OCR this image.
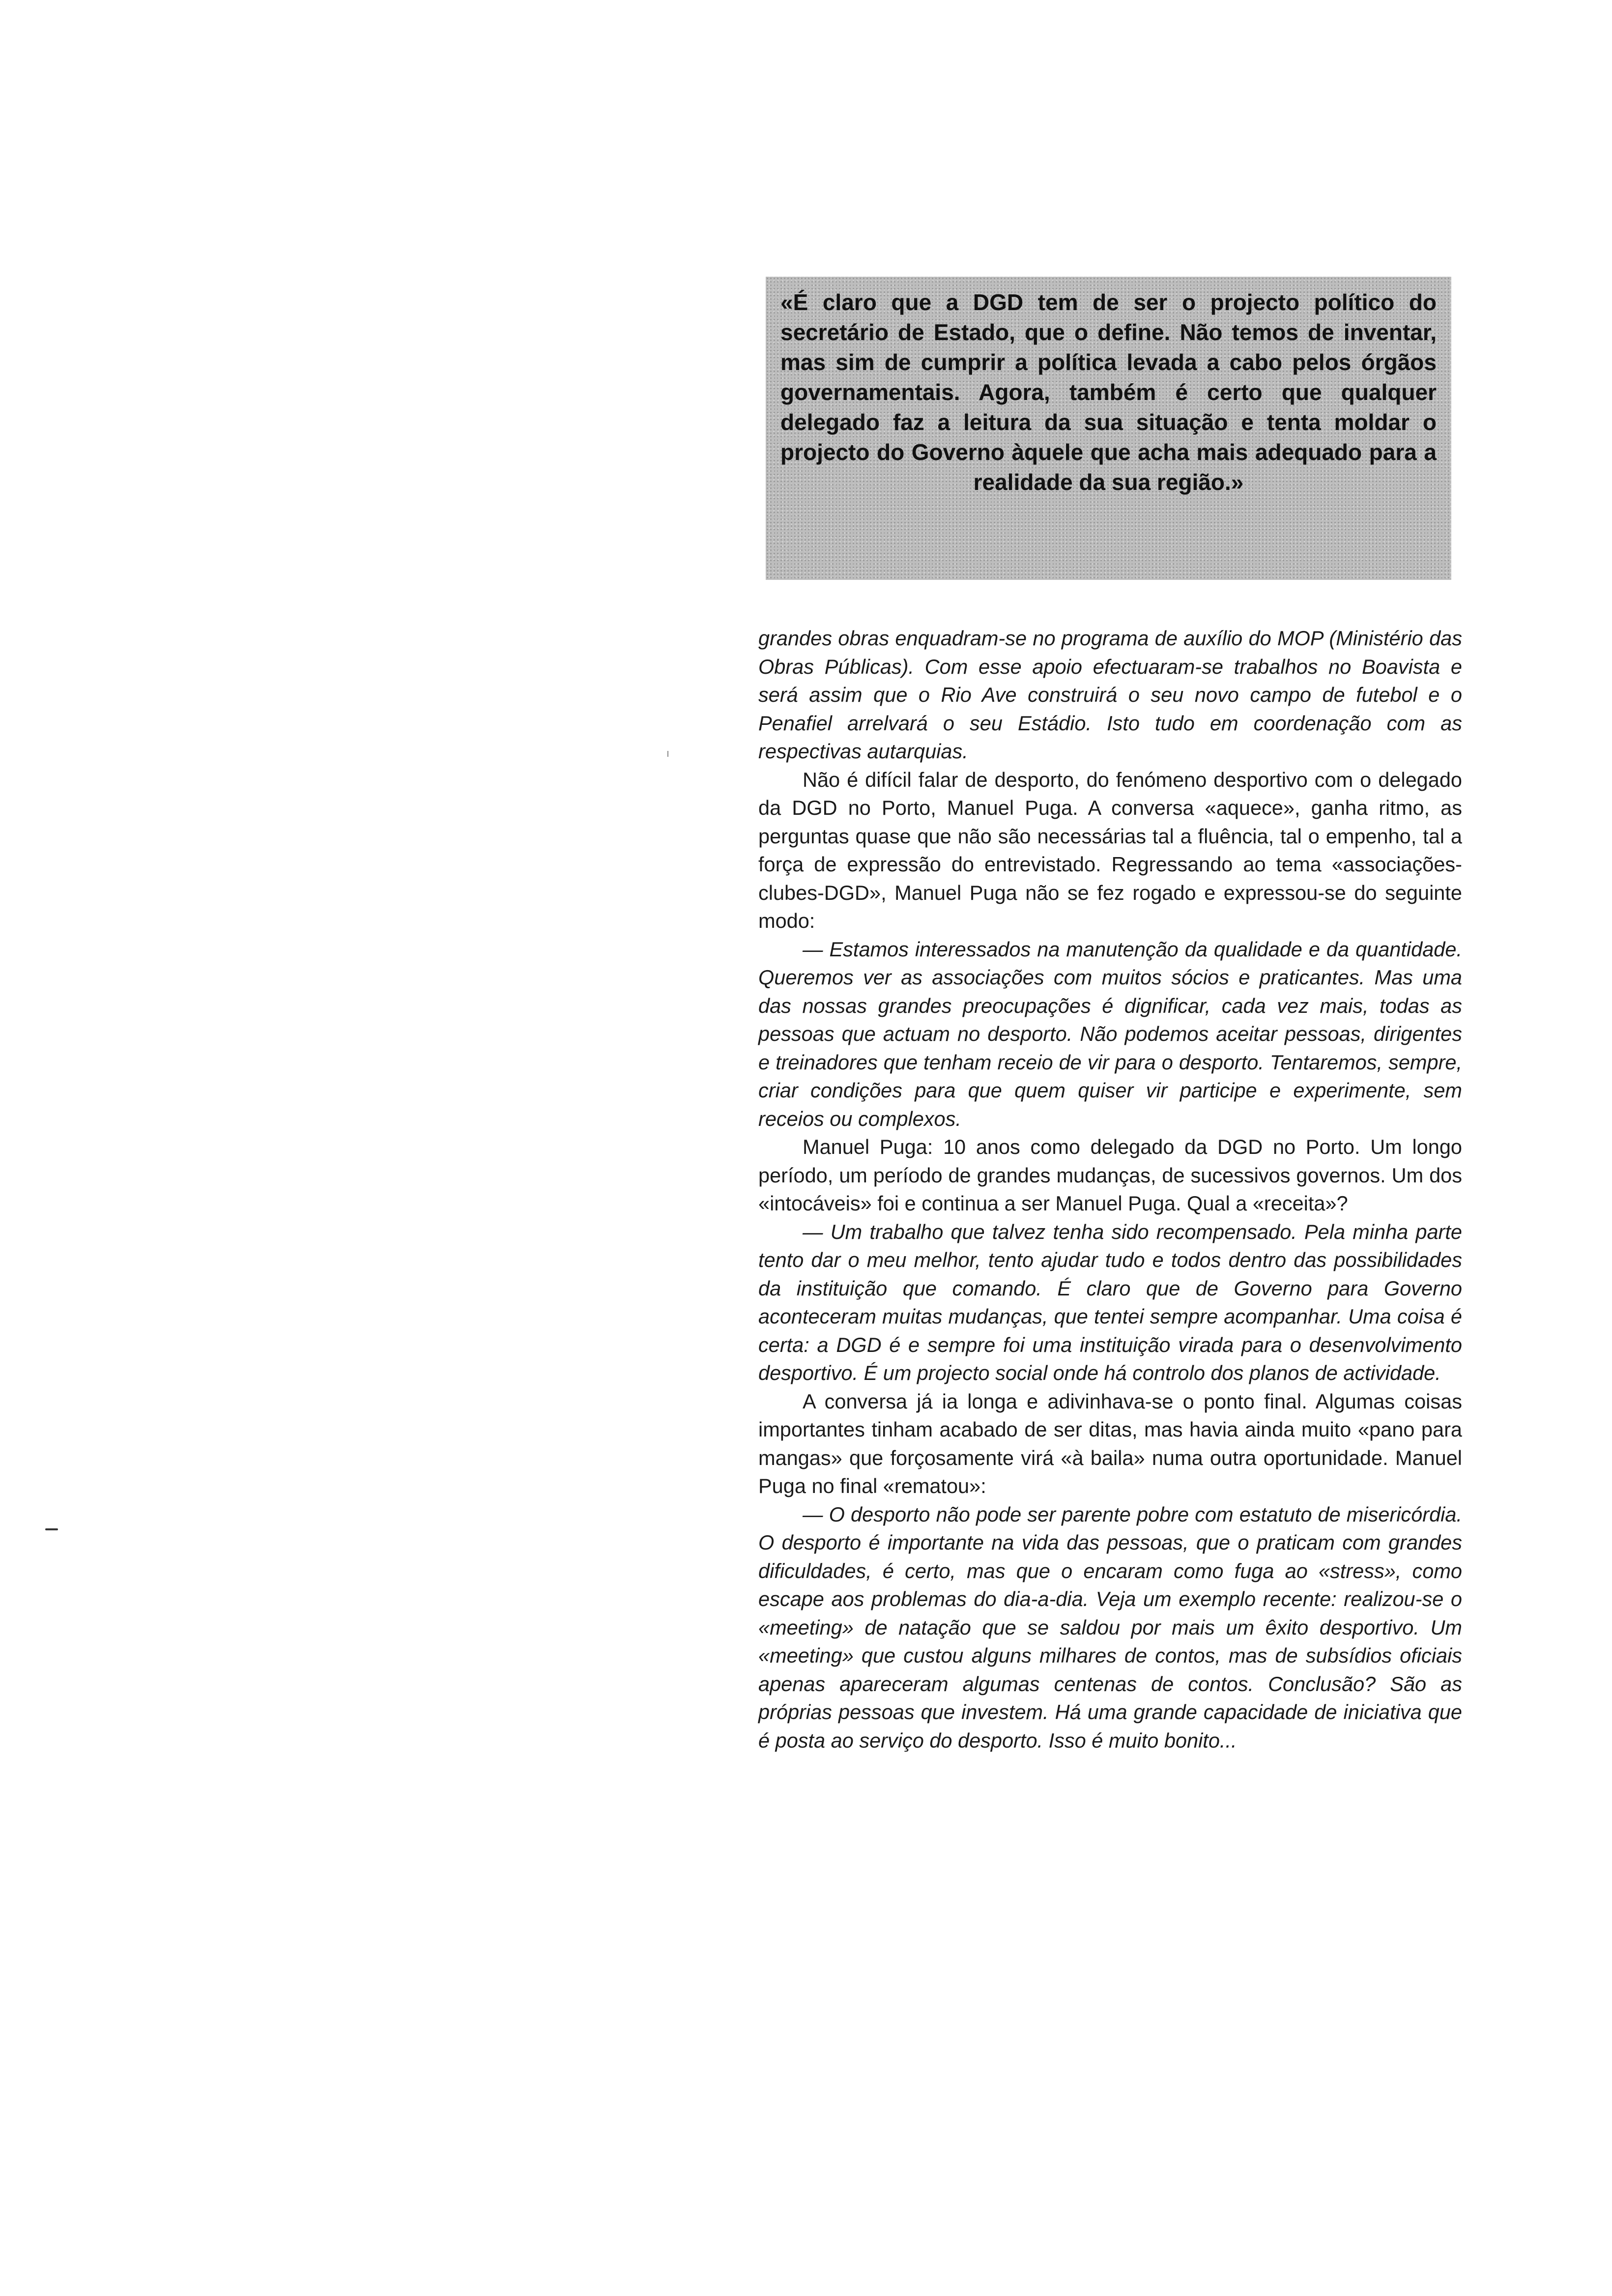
«É claro que a DGD tem de ser o projecto político do secretário de Estado, que o define. Não temos de inventar, mas sim de cumprir a política levada a cabo pelos órgãos governamentais. Agora, também é certo que qualquer delegado faz a leitura da sua situação e tenta moldar o projecto do Governo àquele que acha mais adequado para a realidade da sua região.»

grandes obras enquadram-se no programa de auxílio do MOP (Ministério das Obras Públicas). Com esse apoio efectuaram-se trabalhos no Boavista e será assim que o Rio Ave construirá o seu novo campo de futebol e o Penafiel arrelvará o seu Estádio. Isto tudo em coordenação com as respectivas autarquias.

Não é difícil falar de desporto, do fenómeno desportivo com o delegado da DGD no Porto, Manuel Puga. A conversa «aquece», ganha ritmo, as perguntas quase que não são necessárias tal a fluência, tal o empenho, tal a força de expressão do entrevistado. Regressando ao tema «associações-clubes-DGD», Manuel Puga não se fez rogado e expressou-se do seguinte modo:

— Estamos interessados na manutenção da qualidade e da quantidade. Queremos ver as associações com muitos sócios e praticantes. Mas uma das nossas grandes preocupações é dignificar, cada vez mais, todas as pessoas que actuam no desporto. Não podemos aceitar pessoas, dirigentes e treinadores que tenham receio de vir para o desporto. Tentaremos, sempre, criar condições para que quem quiser vir participe e experimente, sem receios ou complexos.

Manuel Puga: 10 anos como delegado da DGD no Porto. Um longo período, um período de grandes mudanças, de sucessivos governos. Um dos «intocáveis» foi e continua a ser Manuel Puga. Qual a «receita»?

— Um trabalho que talvez tenha sido recompensado. Pela minha parte tento dar o meu melhor, tento ajudar tudo e todos dentro das possibilidades da instituição que comando. É claro que de Governo para Governo aconteceram muitas mudanças, que tentei sempre acompanhar. Uma coisa é certa: a DGD é e sempre foi uma instituição virada para o desenvolvimento desportivo. É um projecto social onde há controlo dos planos de actividade.

A conversa já ia longa e adivinhava-se o ponto final. Algumas coisas importantes tinham acabado de ser ditas, mas havia ainda muito «pano para mangas» que forçosamente virá «à baila» numa outra oportunidade. Manuel Puga no final «rematou»:

— O desporto não pode ser parente pobre com estatuto de misericórdia. O desporto é importante na vida das pessoas, que o praticam com grandes dificuldades, é certo, mas que o encaram como fuga ao «stress», como escape aos problemas do dia-a-dia. Veja um exemplo recente: realizou-se o «meeting» de natação que se saldou por mais um êxito desportivo. Um «meeting» que custou alguns milhares de contos, mas de subsídios oficiais apenas apareceram algumas centenas de contos. Conclusão? São as próprias pessoas que investem. Há uma grande capacidade de iniciativa que é posta ao serviço do desporto. Isso é muito bonito...
